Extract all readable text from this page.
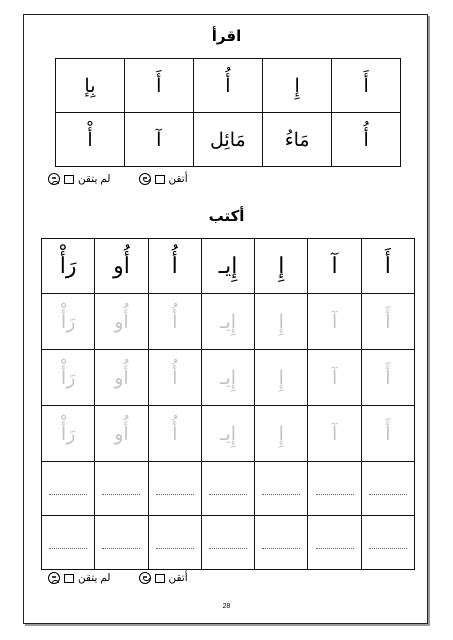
اقرأ
أَ	إِ	أُ	أَ	بِإ
أُ	مَاءُ	مَائِل	آ	أْ
أتقن
لم يتقن
أكتب
أَ	آ	إِ	إِيـ	أُ	أُو	رَأْ
أَ	آ	إِ	إِيـ	أُ	أُو	رَأْ
أَ	آ	إِ	إِيـ	أُ	أُو	رَأْ
أَ	آ	إِ	إِيـ	أُ	أُو	رَأْ

أتقن
لم يتقن
28
